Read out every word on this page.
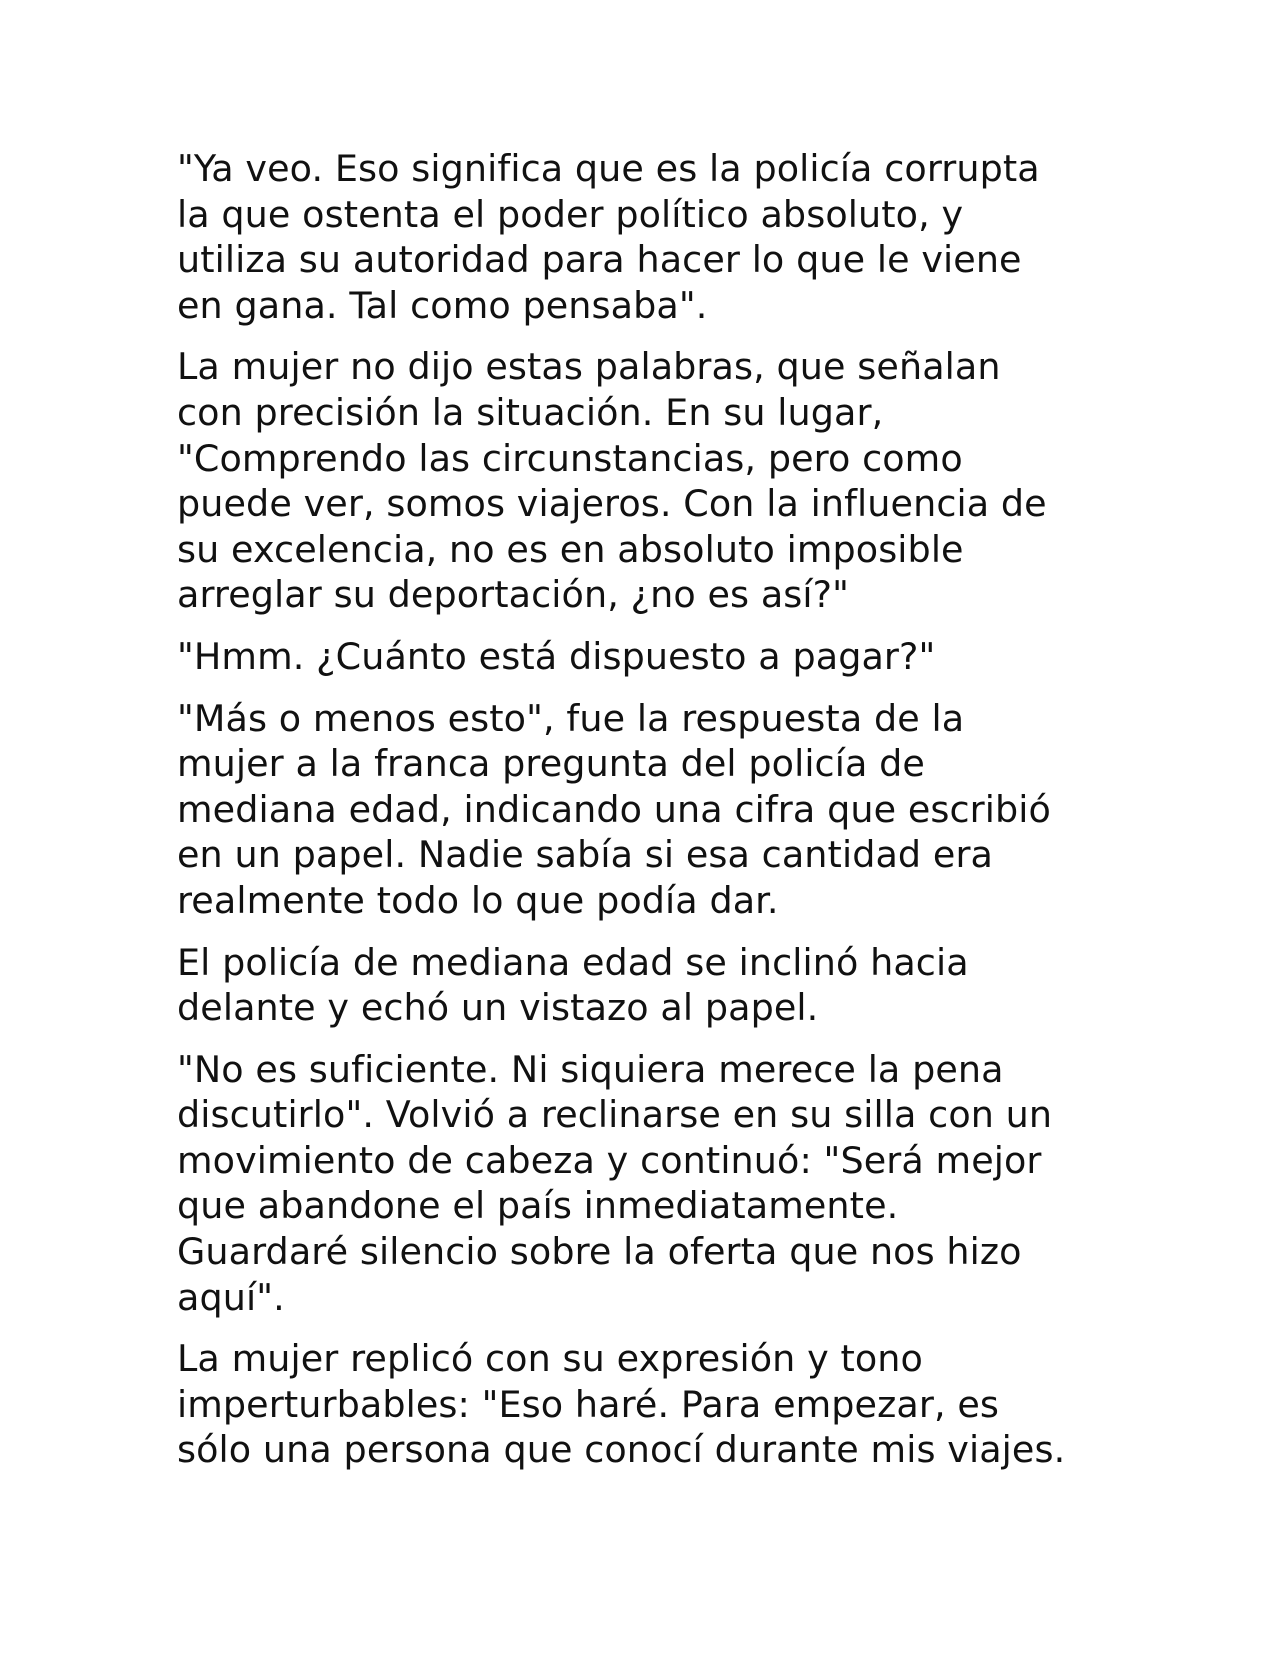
"Ya veo. Eso significa que es la policía corrupta
la que ostenta el poder político absoluto, y
utiliza su autoridad para hacer lo que le viene
en gana. Tal como pensaba".

La mujer no dijo estas palabras, que señalan
con precisión la situación. En su lugar,
"Comprendo las circunstancias, pero como
puede ver, somos viajeros. Con la influencia de
su excelencia, no es en absoluto imposible
arreglar su deportación, ¿no es así?"

"Hmm. ¿Cuánto está dispuesto a pagar?"

"Más o menos esto", fue la respuesta de la
mujer a la franca pregunta del policía de
mediana edad, indicando una cifra que escribió
en un papel. Nadie sabía si esa cantidad era
realmente todo lo que podía dar.

El policía de mediana edad se inclinó hacia
delante y echó un vistazo al papel.

"No es suficiente. Ni siquiera merece la pena
discutirlo". Volvió a reclinarse en su silla con un
movimiento de cabeza y continuó: "Será mejor
que abandone el país inmediatamente.
Guardaré silencio sobre la oferta que nos hizo
aquí".

La mujer replicó con su expresión y tono
imperturbables: "Eso haré. Para empezar, es
sólo una persona que conocí durante mis viajes.
